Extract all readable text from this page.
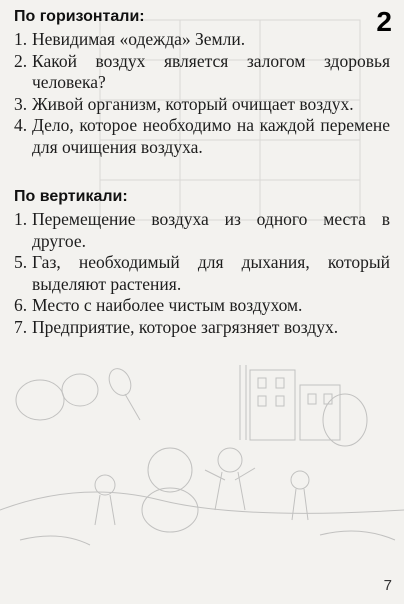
2
По горизонтали:
1. Невидимая «одежда» Земли.
2. Какой воздух является залогом здоровья человека?
3. Живой организм, который очищает воздух.
4. Дело, которое необходимо на каждой перемене для очищения воздуха.
По вертикали:
1. Перемещение воздуха из одного места в другое.
5. Газ, необходимый для дыхания, который выделяют растения.
6. Место с наиболее чистым воздухом.
7. Предприятие, которое загрязняет воздух.
7
